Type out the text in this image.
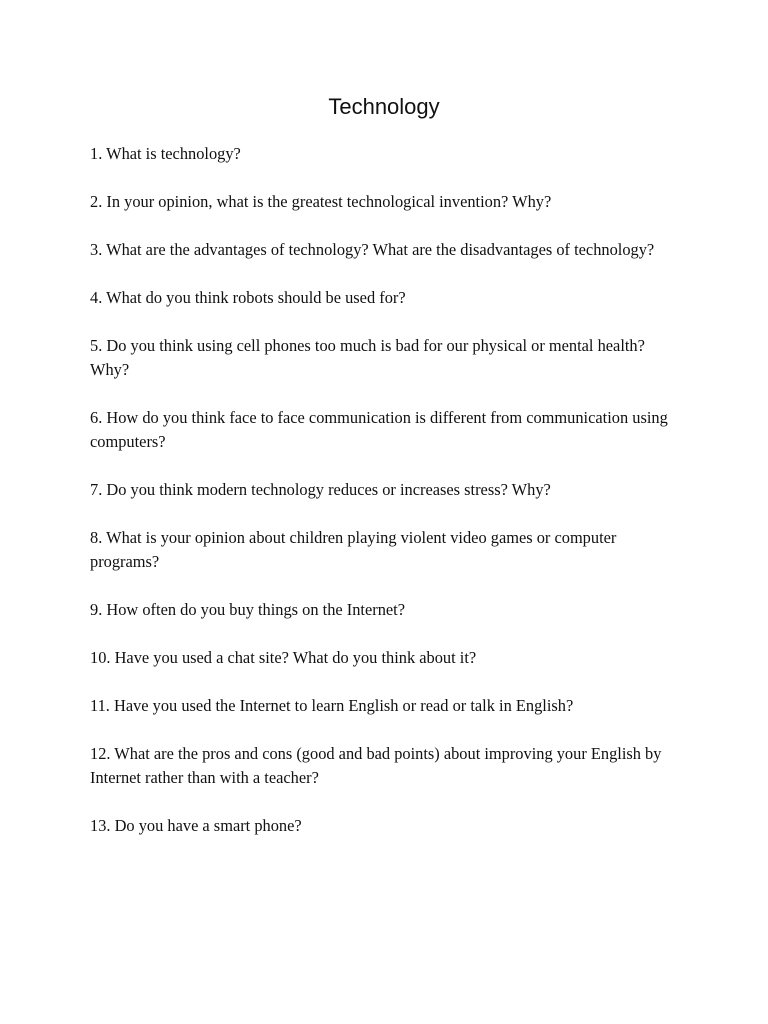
Technology
1. What is technology?
2. In your opinion, what is the greatest technological invention? Why?
3. What are the advantages of technology? What are the disadvantages of technology?
4. What do you think robots should be used for?
5. Do you think using cell phones too much is bad for our physical or mental health? Why?
6. How do you think face to face communication is different from communication using computers?
7. Do you think modern technology reduces or increases stress? Why?
8. What is your opinion about children playing violent video games or computer programs?
9. How often do you buy things on the Internet?
10. Have you used a chat site? What do you think about it?
11. Have you used the Internet to learn English or read or talk in English?
12. What are the pros and cons (good and bad points) about improving your English by Internet rather than with a teacher?
13. Do you have a smart phone?
